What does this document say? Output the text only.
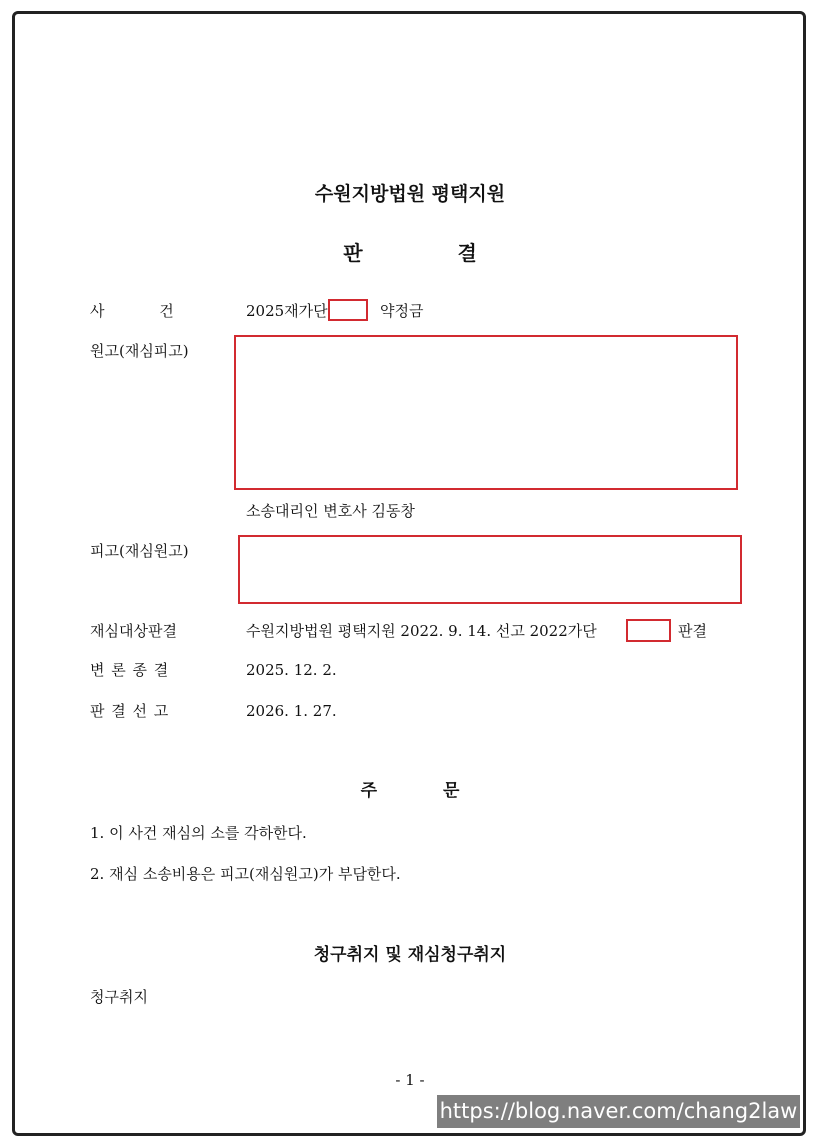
수원지방법원 평택지원
판 결
사 건	2025재가단	약정금
원고(재심피고)
소송대리인 변호사 김동창
피고(재심원고)
재심대상판결	수원지방법원 평택지원 2022. 9. 14. 선고 2022가단	판결
변 론 종 결	2025. 12. 2.
판 결 선 고	2026. 1. 27.
주 문
1. 이 사건 재심의 소를 각하한다.
2. 재심 소송비용은 피고(재심원고)가 부담한다.
청구취지 및 재심청구취지
청구취지
- 1 -
https://blog.naver.com/chang2law
